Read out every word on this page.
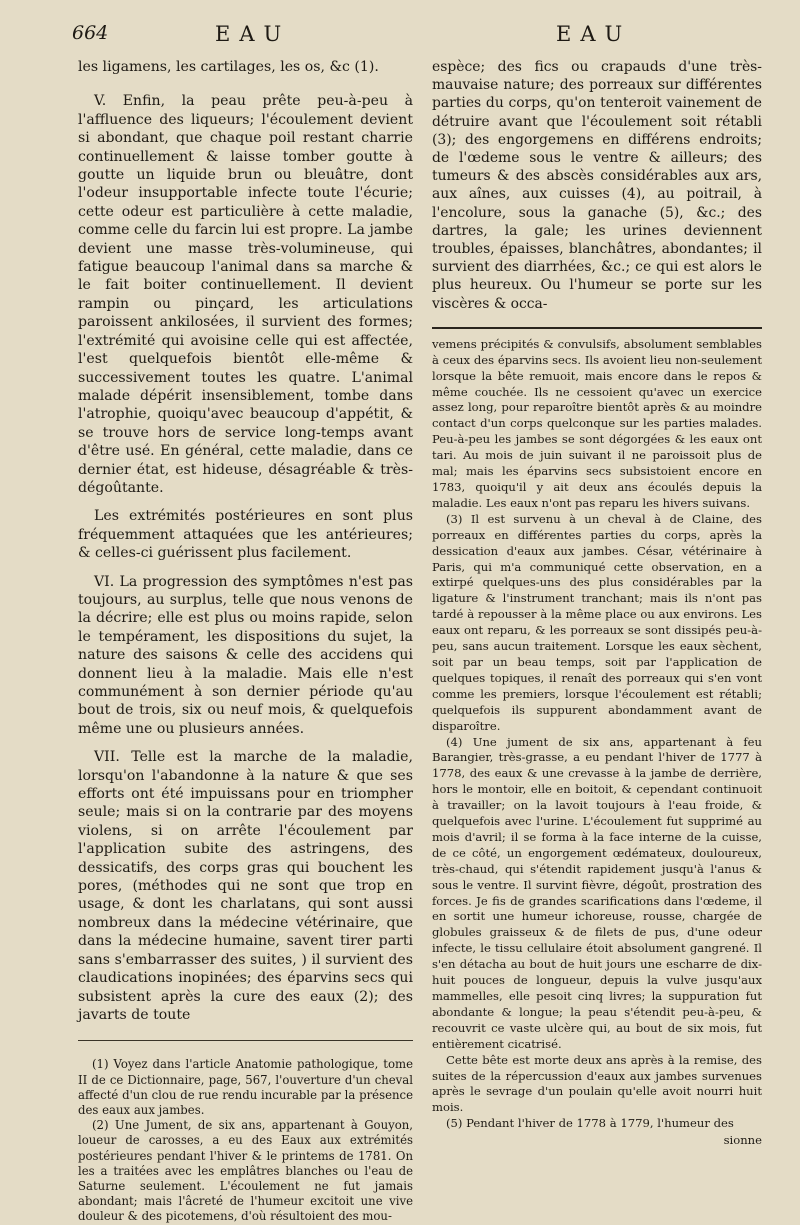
664	EAU	EAU

les ligamens, les cartilages, les os, &c (1).

V. Enfin, la peau prête peu-à-peu à l'affluence des liqueurs; l'écoulement devient si abondant, que chaque poil restant charrie continuellement & laisse tomber goutte à goutte un liquide brun ou bleuâtre, dont l'odeur insupportable infecte toute l'écurie; cette odeur est particulière à cette maladie, comme celle du farcin lui est propre. La jambe devient une masse très-volumineuse, qui fatigue beaucoup l'animal dans sa marche & le fait boiter continuellement. Il devient rampin ou pinçard, les articulations paroissent ankilosées, il survient des formes; l'extrémité qui avoisine celle qui est affectée, l'est quelquefois bientôt elle-même & successivement toutes les quatre. L'animal malade dépérit insensiblement, tombe dans l'atrophie, quoiqu'avec beaucoup d'appétit, & se trouve hors de service long-temps avant d'être usé. En général, cette maladie, dans ce dernier état, est hideuse, désagréable & très-dégoûtante.

Les extrémités postérieures en sont plus fréquemment attaquées que les antérieures; & celles-ci guérissent plus facilement.

VI. La progression des symptômes n'est pas toujours, au surplus, telle que nous venons de la décrire; elle est plus ou moins rapide, selon le tempérament, les dispositions du sujet, la nature des saisons & celle des accidens qui donnent lieu à la maladie. Mais elle n'est communément à son dernier période qu'au bout de trois, six ou neuf mois, & quelquefois même une ou plusieurs années.

VII. Telle est la marche de la maladie, lorsqu'on l'abandonne à la nature & que ses efforts ont été impuissans pour en triompher seule; mais si on la contrarie par des moyens violens, si on arrête l'écoulement par l'application subite des astringens, des dessicatifs, des corps gras qui bouchent les pores, (méthodes qui ne sont que trop en usage, & dont les charlatans, qui sont aussi nombreux dans la médecine vétérinaire, que dans la médecine humaine, savent tirer parti sans s'embarrasser des suites, ) il survient des claudications inopinées; des éparvins secs qui subsistent après la cure des eaux (2); des javarts de toute

(1) Voyez dans l'article Anatomie pathologique, tome II de ce Dictionnaire, page, 567, l'ouverture d'un cheval affecté d'un clou de rue rendu incurable par la présence des eaux aux jambes.

(2) Une Jument, de six ans, appartenant à Gouyon, loueur de carosses, a eu des Eaux aux extrémités postérieures pendant l'hiver & le printems de 1781. On les a traitées avec les emplâtres blanches ou l'eau de Saturne seulement. L'écoulement ne fut jamais abondant; mais l'âcreté de l'humeur excitoit une vive douleur & des picotemens, d'où résultoient des mou-

espèce; des fics ou crapauds d'une très-mauvaise nature; des porreaux sur différentes parties du corps, qu'on tenteroit vainement de détruire avant que l'écoulement soit rétabli (3); des engorgemens en différens endroits; de l'œdeme sous le ventre & ailleurs; des tumeurs & des abscès considérables aux ars, aux aînes, aux cuisses (4), au poitrail, à l'encolure, sous la ganache (5), &c.; des dartres, la gale; les urines deviennent troubles, épaisses, blanchâtres, abondantes; il survient des diarrhées, &c.; ce qui est alors le plus heureux. Ou l'humeur se porte sur les viscères & occa-

vemens précipités & convulsifs, absolument semblables à ceux des éparvins secs. Ils avoient lieu non-seulement lorsque la bête remuoit, mais encore dans le repos & même couchée. Ils ne cessoient qu'avec un exercice assez long, pour reparoître bientôt après & au moindre contact d'un corps quelconque sur les parties malades. Peu-à-peu les jambes se sont dégorgées & les eaux ont tari. Au mois de juin suivant il ne paroissoit plus de mal; mais les éparvins secs subsistoient encore en 1783, quoiqu'il y ait deux ans écoulés depuis la maladie. Les eaux n'ont pas reparu les hivers suivans.

(3) Il est survenu à un cheval à de Claine, des porreaux en différentes parties du corps, après la dessication d'eaux aux jambes. César, vétérinaire à Paris, qui m'a communiqué cette observation, en a extirpé quelques-uns des plus considérables par la ligature & l'instrument tranchant; mais ils n'ont pas tardé à repousser à la même place ou aux environs. Les eaux ont reparu, & les porreaux se sont dissipés peu-à-peu, sans aucun traitement. Lorsque les eaux sèchent, soit par un beau temps, soit par l'application de quelques topiques, il renaît des porreaux qui s'en vont comme les premiers, lorsque l'écoulement est rétabli; quelquefois ils suppurent abondamment avant de disparoître.

(4) Une jument de six ans, appartenant à feu Barangier, très-grasse, a eu pendant l'hiver de 1777 à 1778, des eaux & une crevasse à la jambe de derrière, hors le montoir, elle en boitoit, & cependant continuoit à travailler; on la lavoit toujours à l'eau froide, & quelquefois avec l'urine. L'écoulement fut supprimé au mois d'avril; il se forma à la face interne de la cuisse, de ce côté, un engorgement œdémateux, douloureux, très-chaud, qui s'étendit rapidement jusqu'à l'anus & sous le ventre. Il survint fièvre, dégoût, prostration des forces. Je fis de grandes scarifications dans l'œdeme, il en sortit une humeur ichoreuse, rousse, chargée de globules graisseux & de filets de pus, d'une odeur infecte, le tissu cellulaire étoit absolument gangrené. Il s'en détacha au bout de huit jours une escharre de dix-huit pouces de longueur, depuis la vulve jusqu'aux mammelles, elle pesoit cinq livres; la suppuration fut abondante & longue; la peau s'étendit peu-à-peu, & recouvrit ce vaste ulcère qui, au bout de six mois, fut entièrement cicatrisé.

Cette bête est morte deux ans après à la remise, des suites de la répercussion d'eaux aux jambes survenues après le sevrage d'un poulain qu'elle avoit nourri huit mois.

(5) Pendant l'hiver de 1778 à 1779, l'humeur des

sionne
